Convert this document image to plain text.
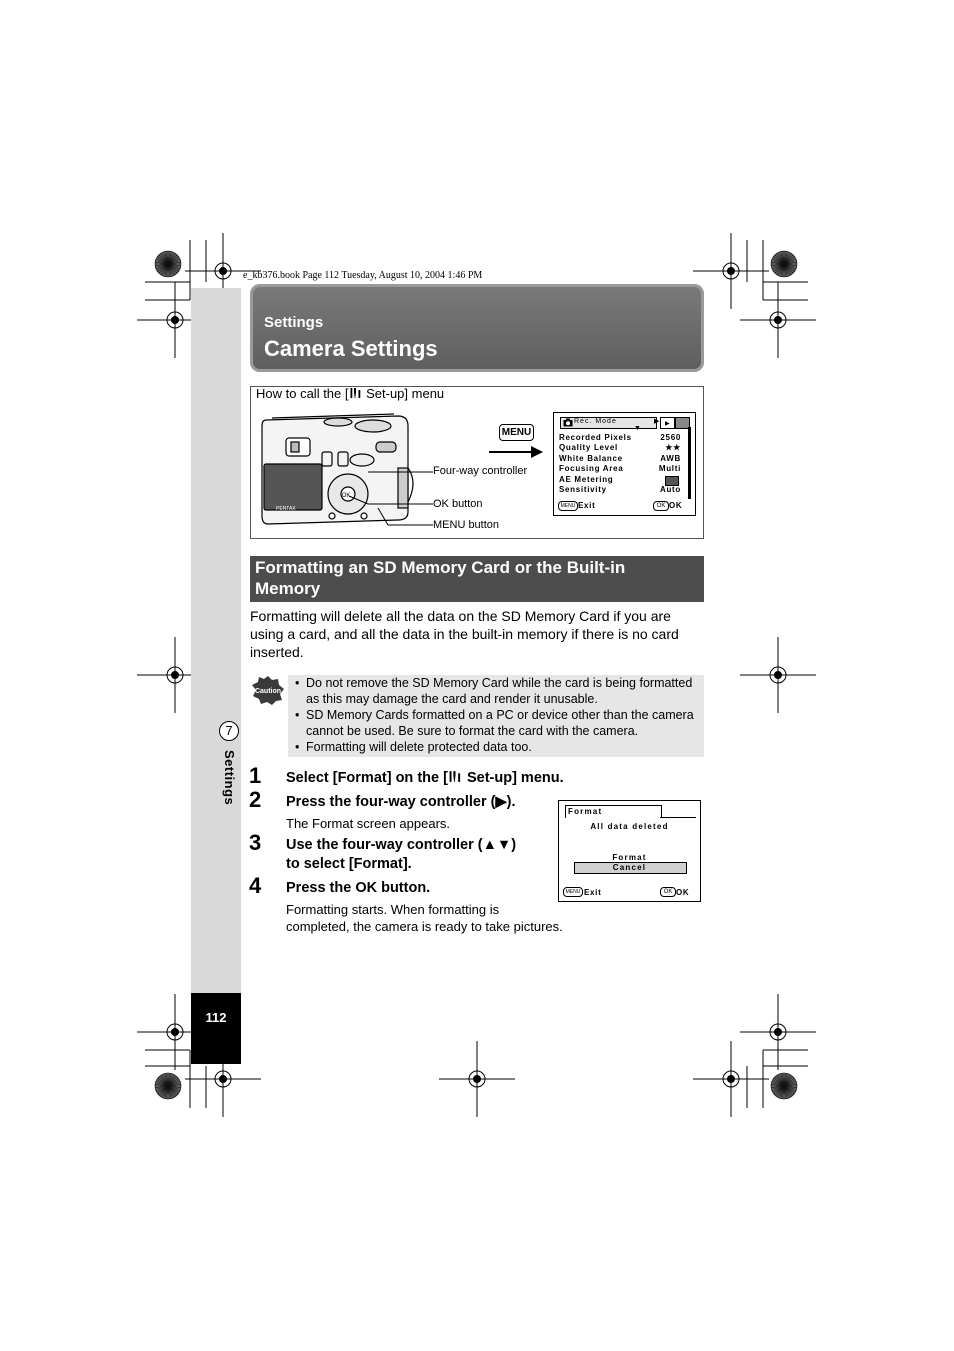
e_kb376.book Page 112 Tuesday, August 10, 2004 1:46 PM
7
Settings
112
Settings
Camera Settings
How to call the [ Set-up] menu
OK
PENTAX
Four-way controller
OK button
MENU button
MENU
Rec. Mode
▼
▶ ▶
Recorded Pixels	2560
Quality Level	★★
White Balance	AWB
Focusing Area	Multi
AE Metering
Sensitivity	Auto
MENU Exit	OK OK
Formatting an SD Memory Card or the Built-in Memory
Formatting will delete all the data on the SD Memory Card if you are using a card, and all the data in the built-in memory if there is no card inserted.
Caution
• Do not remove the SD Memory Card while the card is being formatted as this may damage the card and render it unusable.
• SD Memory Cards formatted on a PC or device other than the camera cannot be used. Be sure to format the card with the camera.
• Formatting will delete protected data too.
1 Select [Format] on the [ Set-up] menu.
2 Press the four-way controller (▶).
The Format screen appears.
3 Use the four-way controller (▲▼)
to select [Format].
4 Press the OK button.
Formatting starts. When formatting is
completed, the camera is ready to take pictures.
Format
All data deleted
Format
Cancel
MENU Exit	OK OK
